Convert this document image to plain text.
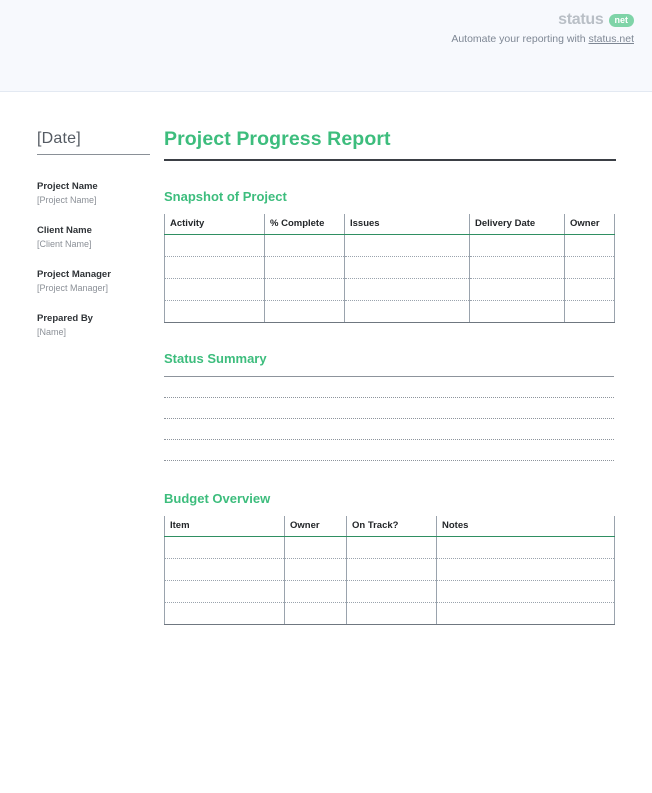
status	net
Automate your reporting with status.net
[Date]
Project Name
[Project Name]
Client Name
[Client Name]
Project Manager
[Project Manager]
Prepared By
[Name]
Project Progress Report
Snapshot of Project
Activity	% Complete	Issues	Delivery Date	Owner

Status Summary
Budget Overview
Item	Owner	On Track?	Notes
